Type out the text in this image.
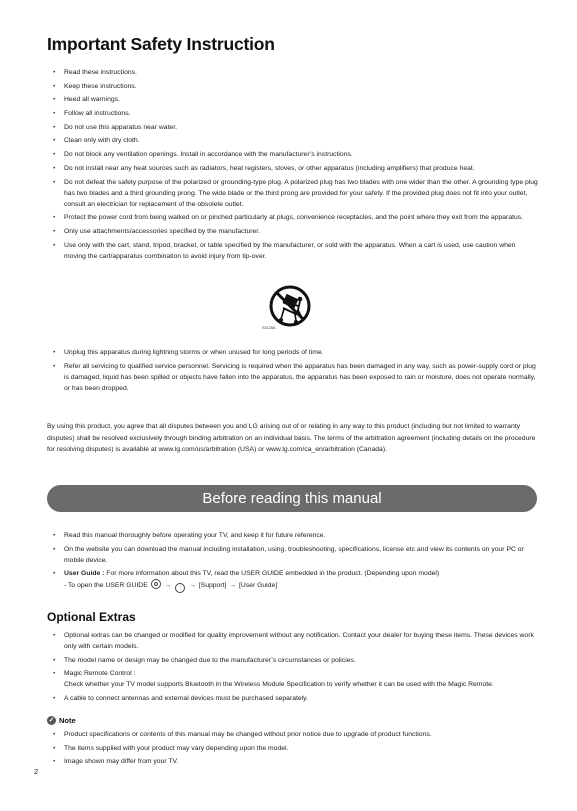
Important Safety Instruction
• Read these instructions.
• Keep these instructions.
• Heed all warnings.
• Follow all instructions.
• Do not use this apparatus near water.
• Clean only with dry cloth.
• Do not block any ventilation openings. Install in accordance with the manufacturer’s instructions.
• Do not install near any heat sources such as radiators, heat registers, stoves, or other apparatus (including amplifiers) that produce heat.
• Do not defeat the safety purpose of the polarized or grounding-type plug. A polarized plug has two blades with one wider than the other. A grounding type plug has two blades and a third grounding prong. The wide blade or the third prong are provided for your safety. If the provided plug does not fit into your outlet, consult an electrician for replacement of the obsolete outlet.
• Protect the power cord from being walked on or pinched particularly at plugs, convenience receptacles, and the point where they exit from the apparatus.
• Only use attachments/accessories specified by the manufacturer.
• Use only with the cart, stand, tripod, bracket, or table specified by the manufacturer, or sold with the apparatus. When a cart is used, use caution when moving the cart/apparatus combination to avoid injury from tip-over.
S3125A
• Unplug this apparatus during lightning storms or when unused for long periods of time.
• Refer all servicing to qualified service personnel. Servicing is required when the apparatus has been damaged in any way, such as power-supply cord or plug is damaged, liquid has been spilled or objects have fallen into the apparatus, the apparatus has been exposed to rain or moisture, does not operate normally, or has been dropped.
By using this product, you agree that all disputes between you and LG arising out of or relating in any way to this product (including but not limited to warranty disputes) shall be resolved exclusively through binding arbitration on an individual basis. The terms of the arbitration agreement (including details on the procedure for resolving disputes) is available at www.lg.com/us/arbitration (USA) or www.lg.com/ca_en/arbitration (Canada).
Before reading this manual
• Read this manual thoroughly before operating your TV, and keep it for future reference.
• On the website you can download the manual including installation, using, troubleshooting, specifications, license etc and view its contents on your PC or mobile device.
• User Guide : For more information about this TV, read the USER GUIDE embedded in the product. (Depending upon model)
- To open the USER GUIDE → ⋮ → [Support] → [User Guide]
Optional Extras
• Optional extras can be changed or modified for quality improvement without any notification. Contact your dealer for buying these items. These devices work only with certain models.
• The model name or design may be changed due to the manufacturer’s circumstances or policies.
• Magic Remote Control :
Check whether your TV model supports Bluetooth in the Wireless Module Specification to verify whether it can be used with the Magic Remote.
• A cable to connect antennas and external devices must be purchased separately.
✓ Note
• Product specifications or contents of this manual may be changed without prior notice due to upgrade of product functions.
• The items supplied with your product may vary depending upon the model.
• Image shown may differ from your TV.
2
